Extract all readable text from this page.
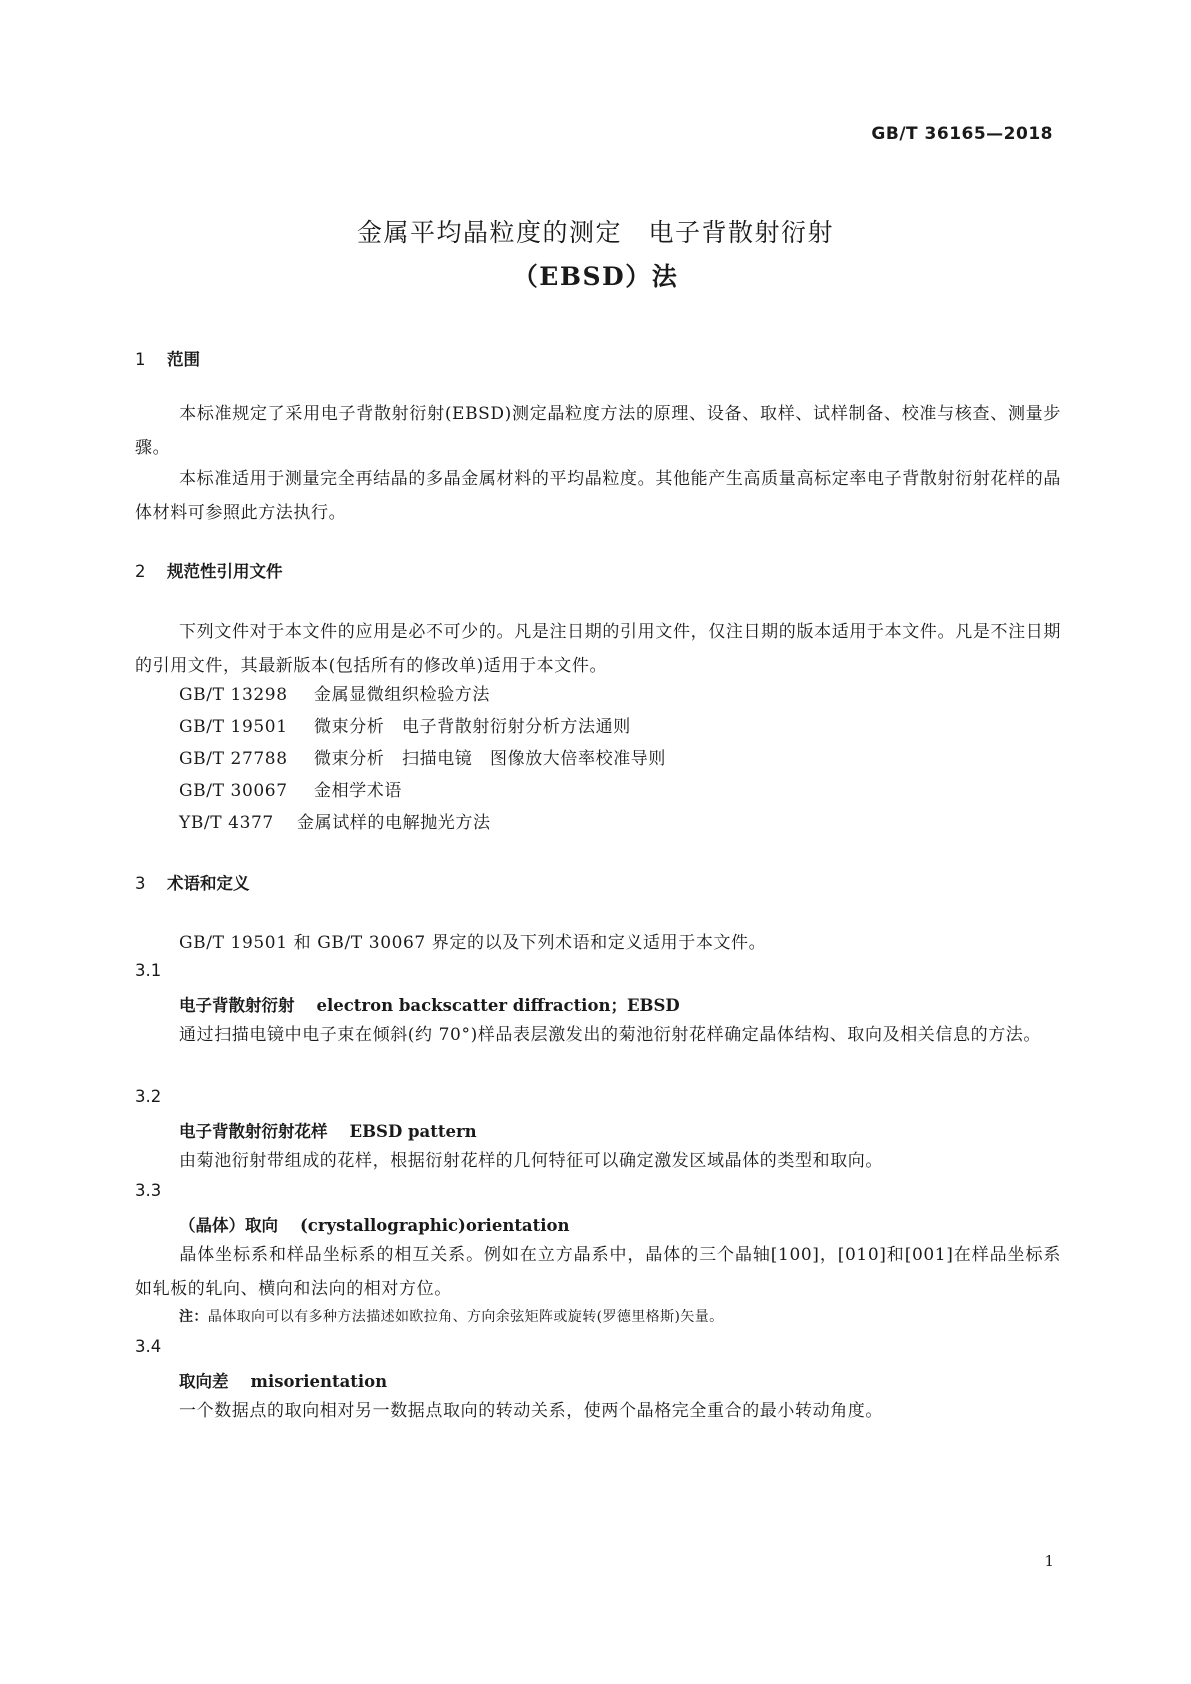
GB/T 36165—2018
金属平均晶粒度的测定　电子背散射衍射
（EBSD）法
1 范围
本标准规定了采用电子背散射衍射(EBSD)测定晶粒度方法的原理、设备、取样、试样制备、校准与核查、测量步骤。
本标准适用于测量完全再结晶的多晶金属材料的平均晶粒度。其他能产生高质量高标定率电子背散射衍射花样的晶体材料可参照此方法执行。
2 规范性引用文件
下列文件对于本文件的应用是必不可少的。凡是注日期的引用文件，仅注日期的版本适用于本文件。凡是不注日期的引用文件，其最新版本(包括所有的修改单)适用于本文件。
GB/T 13298 金属显微组织检验方法
GB/T 19501 微束分析　电子背散射衍射分析方法通则
GB/T 27788 微束分析　扫描电镜　图像放大倍率校准导则
GB/T 30067 金相学术语
YB/T 4377 金属试样的电解抛光方法
3 术语和定义
GB/T 19501 和 GB/T 30067 界定的以及下列术语和定义适用于本文件。
3.1
电子背散射衍射 electron backscatter diffraction；EBSD
通过扫描电镜中电子束在倾斜(约 70°)样品表层激发出的菊池衍射花样确定晶体结构、取向及相关信息的方法。
3.2
电子背散射衍射花样 EBSD pattern
由菊池衍射带组成的花样，根据衍射花样的几何特征可以确定激发区域晶体的类型和取向。
3.3
（晶体）取向 (crystallographic)orientation
晶体坐标系和样品坐标系的相互关系。例如在立方晶系中，晶体的三个晶轴[100]，[010]和[001]在样品坐标系如轧板的轧向、横向和法向的相对方位。
注：晶体取向可以有多种方法描述如欧拉角、方向余弦矩阵或旋转(罗德里格斯)矢量。
3.4
取向差 misorientation
一个数据点的取向相对另一数据点取向的转动关系，使两个晶格完全重合的最小转动角度。
1
